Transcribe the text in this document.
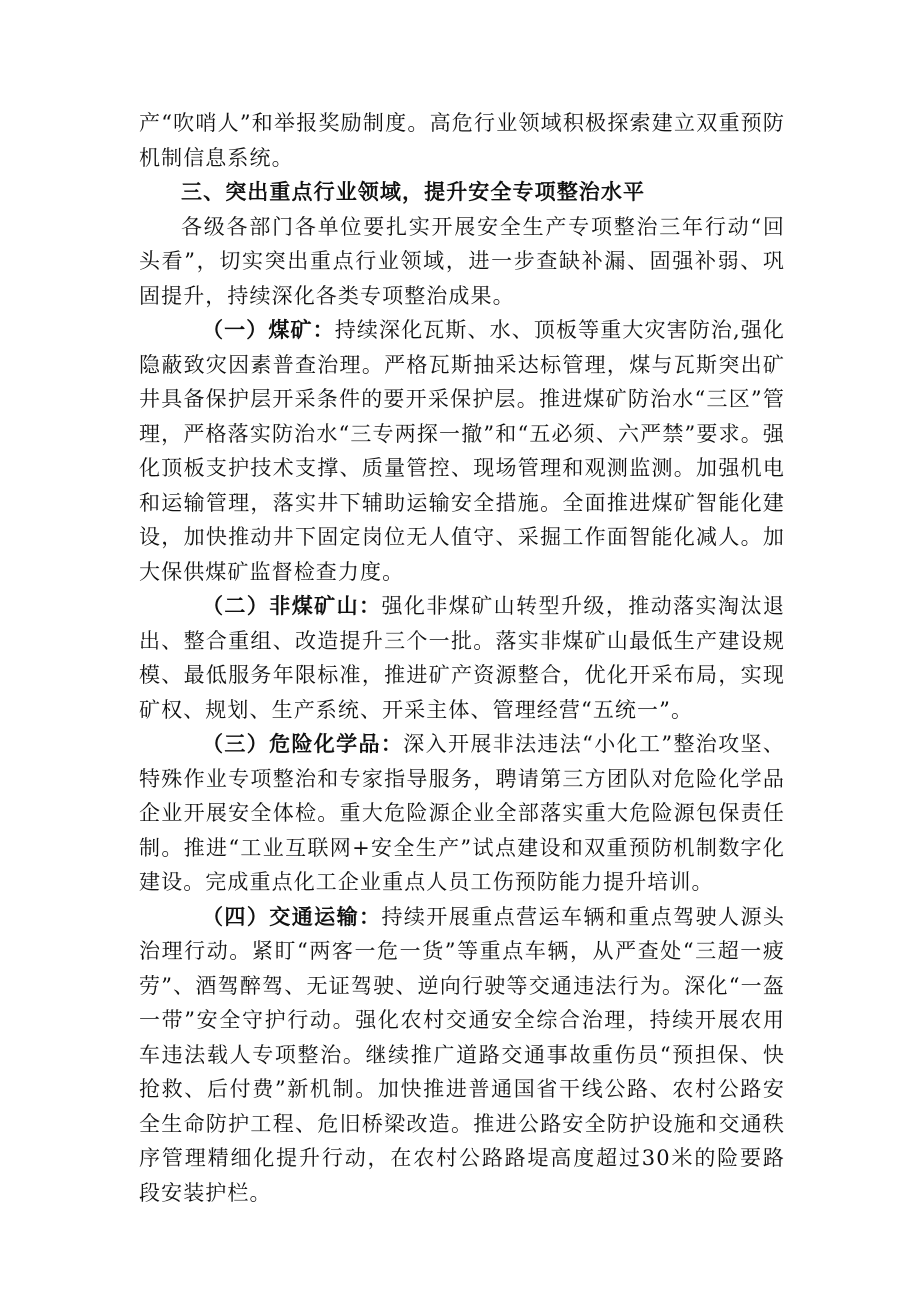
产“吹哨人”和举报奖励制度。高危行业领域积极探索建立双重预防机制信息系统。

三、突出重点行业领域，提升安全专项整治水平

各级各部门各单位要扎实开展安全生产专项整治三年行动“回头看”，切实突出重点行业领域，进一步查缺补漏、固强补弱、巩固提升，持续深化各类专项整治成果。

（一）煤矿：持续深化瓦斯、水、顶板等重大灾害防治,强化隐蔽致灾因素普查治理。严格瓦斯抽采达标管理，煤与瓦斯突出矿井具备保护层开采条件的要开采保护层。推进煤矿防治水“三区”管理，严格落实防治水“三专两探一撤”和“五必须、六严禁”要求。强化顶板支护技术支撑、质量管控、现场管理和观测监测。加强机电和运输管理，落实井下辅助运输安全措施。全面推进煤矿智能化建设，加快推动井下固定岗位无人值守、采掘工作面智能化减人。加大保供煤矿监督检查力度。

（二）非煤矿山：强化非煤矿山转型升级，推动落实淘汰退出、整合重组、改造提升三个一批。落实非煤矿山最低生产建设规模、最低服务年限标准，推进矿产资源整合，优化开采布局，实现矿权、规划、生产系统、开采主体、管理经营“五统一”。

（三）危险化学品：深入开展非法违法“小化工”整治攻坚、特殊作业专项整治和专家指导服务，聘请第三方团队对危险化学品企业开展安全体检。重大危险源企业全部落实重大危险源包保责任制。推进“工业互联网+安全生产”试点建设和双重预防机制数字化建设。完成重点化工企业重点人员工伤预防能力提升培训。

（四）交通运输：持续开展重点营运车辆和重点驾驶人源头治理行动。紧盯“两客一危一货”等重点车辆，从严查处“三超一疲劳”、酒驾醉驾、无证驾驶、逆向行驶等交通违法行为。深化“一盔一带”安全守护行动。强化农村交通安全综合治理，持续开展农用车违法载人专项整治。继续推广道路交通事故重伤员“预担保、快抢救、后付费”新机制。加快推进普通国省干线公路、农村公路安全生命防护工程、危旧桥梁改造。推进公路安全防护设施和交通秩序管理精细化提升行动，在农村公路路堤高度超过30米的险要路段安装护栏。
